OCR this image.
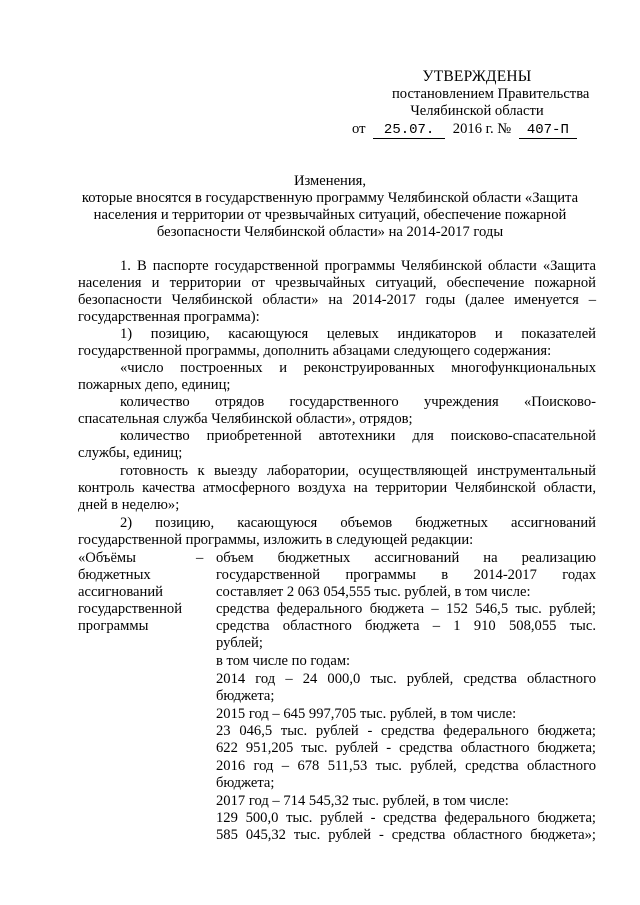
УТВЕРЖДЕНЫ
постановлением Правительства
Челябинской области
от 25.07. 2016 г. № 407-П
Изменения,
которые вносятся в государственную программу Челябинской области «Защита
населения и территории от чрезвычайных ситуаций, обеспечение пожарной
безопасности Челябинской области» на 2014-2017 годы
1. В паспорте государственной программы Челябинской области «Защита
населения и территории от чрезвычайных ситуаций, обеспечение пожарной
безопасности Челябинской области» на 2014-2017 годы (далее именуется –
государственная программа):
1) позицию, касающуюся целевых индикаторов и показателей
государственной программы, дополнить абзацами следующего содержания:
«число построенных и реконструированных многофункциональных
пожарных депо, единиц;
количество отрядов государственного учреждения «Поисково-
спасательная служба Челябинской области», отрядов;
количество приобретенной автотехники для поисково-спасательной
службы, единиц;
готовность к выезду лаборатории, осуществляющей инструментальный
контроль качества атмосферного воздуха на территории Челябинской области,
дней в неделю»;
2) позицию, касающуюся объемов бюджетных ассигнований
государственной программы, изложить в следующей редакции:
«Объёмы
бюджетных
ассигнований
государственной
программы
– объем бюджетных ассигнований на реализацию
государственной программы в 2014-2017 годах
составляет 2 063 054,555 тыс. рублей, в том числе:
средства федерального бюджета – 152 546,5 тыс. рублей;
средства областного бюджета – 1 910 508,055 тыс.
рублей;
в том числе по годам:
2014 год – 24 000,0 тыс. рублей, средства областного
бюджета;
2015 год – 645 997,705 тыс. рублей, в том числе:
23 046,5 тыс. рублей - средства федерального бюджета;
622 951,205 тыс. рублей - средства областного бюджета;
2016 год – 678 511,53 тыс. рублей, средства областного
бюджета;
2017 год – 714 545,32 тыс. рублей, в том числе:
129 500,0 тыс. рублей - средства федерального бюджета;
585 045,32 тыс. рублей - средства областного бюджета»;
